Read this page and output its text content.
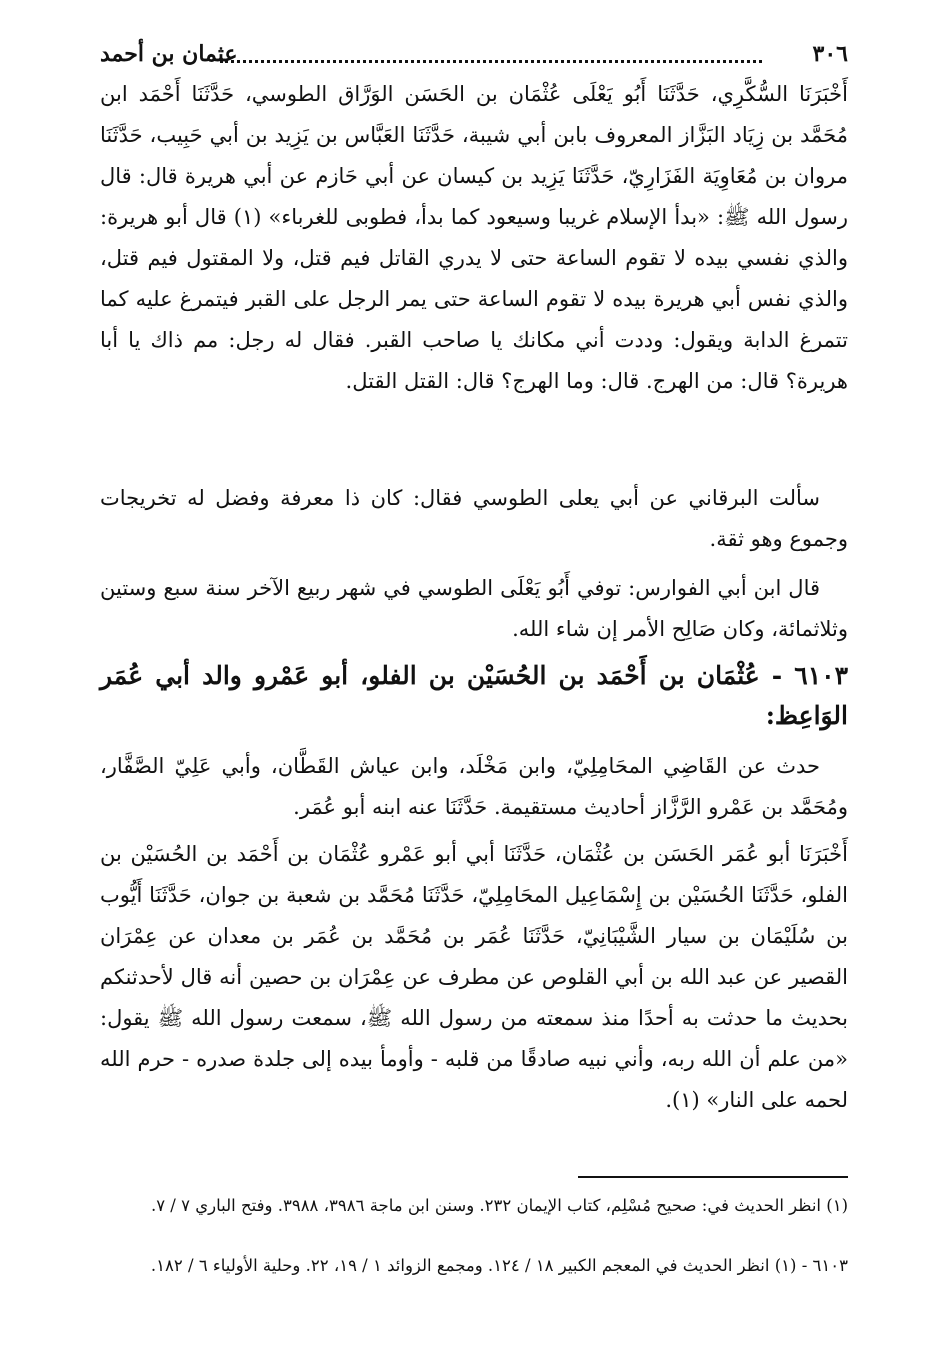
٣٠٦
عثمان بن أحمد

أَخْبَرَنَا السُّكَّرِي، حَدَّثَنَا أَبُو يَعْلَى عُثْمَان بن الحَسَن الوَرَّاق الطوسي، حَدَّثَنَا أَحْمَد ابن مُحَمَّد بن زِيَاد البَزَّاز المعروف بابن أبي شيبة، حَدَّثَنَا العَبَّاس بن يَزِيد بن أبي حَبِيب، حَدَّثَنَا مروان بن مُعَاوِيَة الفَزَارِيّ، حَدَّثَنَا يَزِيد بن كيسان عن أبي حَازم عن أبي هريرة قال: قال رسول الله ﷺ: «بدأ الإسلام غريبا وسيعود كما بدأ، فطوبى للغرباء» (١) قال أبو هريرة: والذي نفسي بيده لا تقوم الساعة حتى لا يدري القاتل فيم قتل، ولا المقتول فيم قتل، والذي نفس أبي هريرة بيده لا تقوم الساعة حتى يمر الرجل على القبر فيتمرغ عليه كما تتمرغ الدابة ويقول: وددت أني مكانك يا صاحب القبر. فقال له رجل: مم ذاك يا أبا هريرة؟ قال: من الهرج. قال: وما الهرج؟ قال: القتل القتل.

سألت البرقاني عن أبي يعلى الطوسي فقال: كان ذا معرفة وفضل له تخريجات وجموع وهو ثقة.

قال ابن أبي الفوارس: توفي أَبُو يَعْلَى الطوسي في شهر ربيع الآخر سنة سبع وستين وثلاثمائة، وكان صَالِح الأمر إن شاء الله.

٦١٠٣ - عُثْمَان بن أَحْمَد بن الحُسَيْن بن الفلو، أبو عَمْرو والد أبي عُمَر الوَاعِظ:

حدث عن القَاضِي المحَامِلِيّ، وابن مَخْلَد، وابن عياش القَطَّان، وأبي عَلِيّ الصَّفَّار، ومُحَمَّد بن عَمْرو الرَّزَّاز أحاديث مستقيمة. حَدَّثَنَا عنه ابنه أبو عُمَر.

أَخْبَرَنَا أبو عُمَر الحَسَن بن عُثْمَان، حَدَّثَنَا أبي أبو عَمْرو عُثْمَان بن أَحْمَد بن الحُسَيْن بن الفلو، حَدَّثَنَا الحُسَيْن بن إِسْمَاعِيل المحَامِلِيّ، حَدَّثَنَا مُحَمَّد بن شعبة بن جوان، حَدَّثَنَا أَيُّوب بن سُلَيْمَان بن سيار الشَّيْبَانِيّ، حَدَّثَنَا عُمَر بن مُحَمَّد بن عُمَر بن معدان عن عِمْرَان القصير عن عبد الله بن أبي القلوص عن مطرف عن عِمْرَان بن حصين أنه قال لأحدثنكم بحديث ما حدثت به أحدًا منذ سمعته من رسول الله ﷺ، سمعت رسول الله ﷺ يقول: «من علم أن الله ربه، وأني نبيه صادقًا من قلبه - وأومأ بيده إلى جلدة صدره - حرم الله لحمه على النار» (١).

(١) انظر الحديث في: صحيح مُسْلِم، كتاب الإيمان ٢٣٢. وسنن ابن ماجة ٣٩٨٦، ٣٩٨٨. وفتح الباري ٧ / ٧.

٦١٠٣ - (١) انظر الحديث في المعجم الكبير ١٨ / ١٢٤. ومجمع الزوائد ١ / ١٩، ٢٢. وحلية الأولياء ٦ / ١٨٢.
